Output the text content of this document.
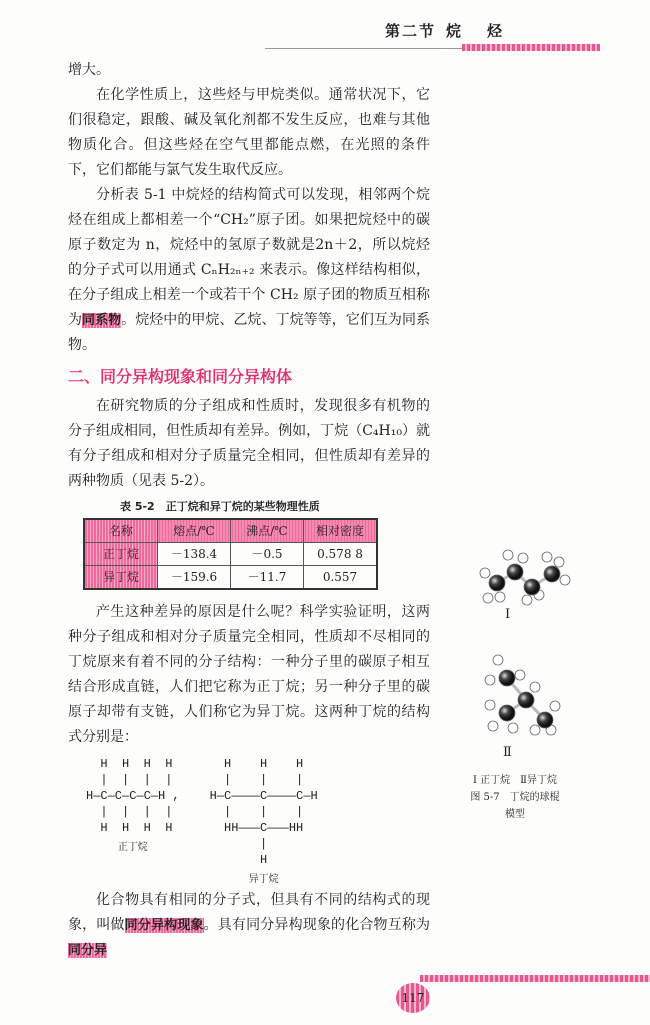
第二节 烷烃

增大。

在化学性质上，这些烃与甲烷类似。通常状况下，它们很稳定，跟酸、碱及氧化剂都不发生反应，也难与其他物质化合。但这些烃在空气里都能点燃，在光照的条件下，它们都能与氯气发生取代反应。

分析表 5-1 中烷烃的结构简式可以发现，相邻两个烷烃在组成上都相差一个“CH₂”原子团。如果把烷烃中的碳原子数定为 n，烷烃中的氢原子数就是2n＋2，所以烷烃的分子式可以用通式 CₙH₂ₙ₊₂ 来表示。像这样结构相似，在分子组成上相差一个或若干个 CH₂ 原子团的物质互相称为同系物。烷烃中的甲烷、乙烷、丁烷等等，它们互为同系物。

二、同分异构现象和同分异构体

在研究物质的分子组成和性质时，发现很多有机物的分子组成相同，但性质却有差异。例如，丁烷（C₄H₁₀）就有分子组成和相对分子质量完全相同，但性质却有差异的两种物质（见表 5-2）。

表 5-2　正丁烷和异丁烷的某些物理性质
名称	熔点/℃	沸点/℃	相对密度
正丁烷	－138.4	－0.5	0.578 8
异丁烷	－159.6	－11.7	0.557

产生这种差异的原因是什么呢？科学实验证明，这两种分子组成和相对分子质量完全相同，性质却不尽相同的丁烷原来有着不同的分子结构：一种分子里的碳原子相互结合形成直链，人们把它称为正丁烷；另一种分子里的碳原子却带有支链，人们称它为异丁烷。这两种丁烷的结构式分别是：

H  H  H  H
|  |  |  |
H—C—C—C—C—H ,
|  |  |  |
H  H  H  H
正丁烷
H    H    H
|    |    |
H—C————C————C—H
|    |    |
HH———C———HH
|
H
异丁烷

化合物具有相同的分子式，但具有不同的结构式的现象，叫做同分异构现象。具有同分异构现象的化合物互称为同分异

Ⅰ
Ⅱ
Ⅰ 正丁烷　Ⅱ异丁烷
图 5-7　丁烷的球棍
模型
117
